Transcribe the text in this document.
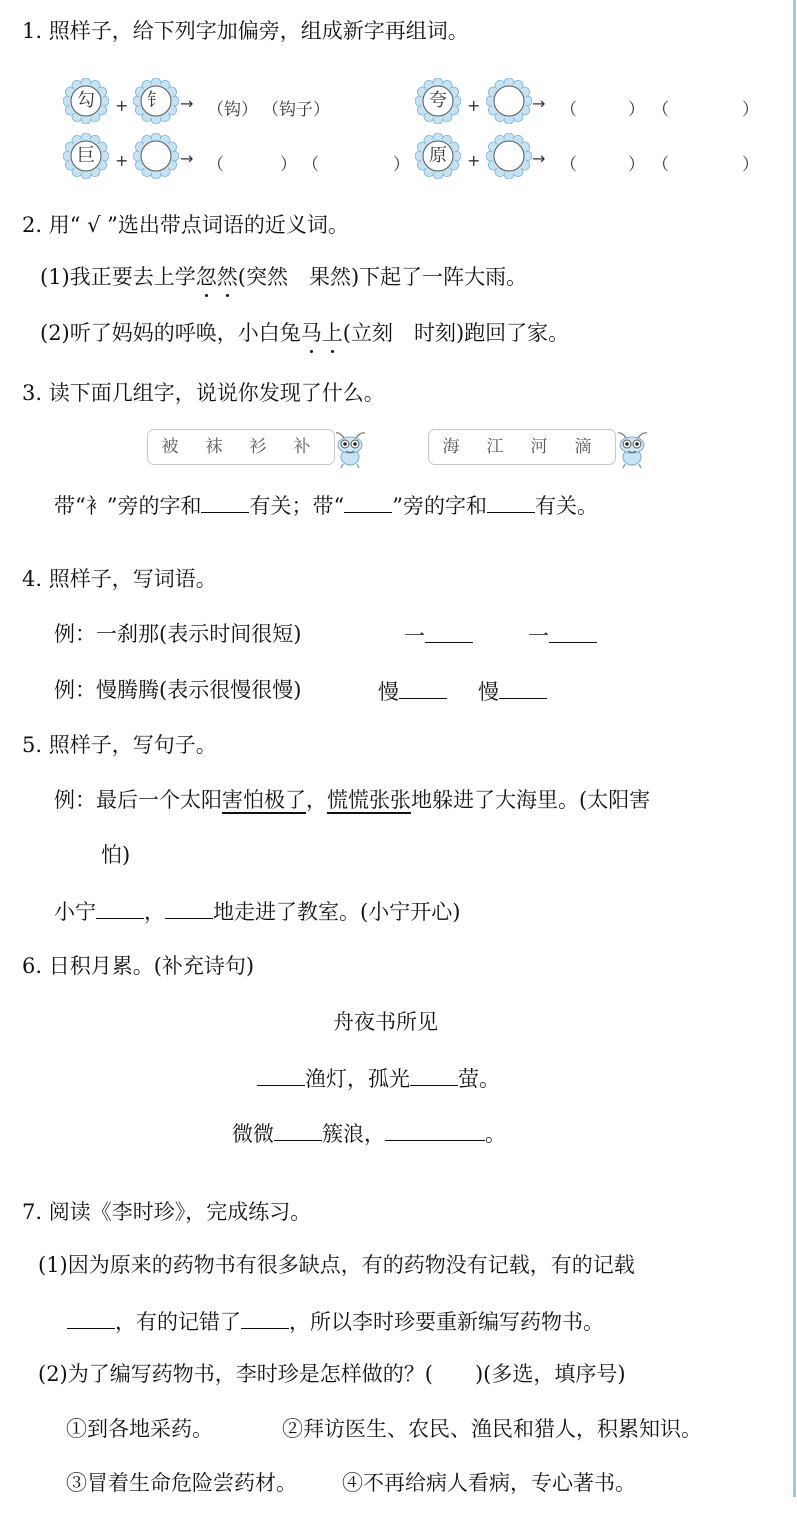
1. 照样子，给下列字加偏旁，组成新字再组词。
勾	+	钅 → （钩） （钩子）	夸	+	→ （	） （	）
巨	+	→ （	） （	）	原	+	→ （	） （	）
2. 用“ √ ”选出带点词语的近义词。
(1)我正要去上学忽然(突然　果然)下起了一阵大雨。
(2)听了妈妈的呼唤，小白兔马上(立刻　时刻)跑回了家。
3. 读下面几组字，说说你发现了什么。
被 袜 衫 补	海 江 河 滴
带“衤”旁的字和 有关；带“ ”旁的字和 有关。
4. 照样子，写词语。
例：一刹那(表示时间很短)	一	一
例：慢腾腾(表示很慢很慢)	慢	慢
5. 照样子，写句子。
例：最后一个太阳害怕极了，慌慌张张地躲进了大海里。(太阳害
怕)
小宁 ， 地走进了教室。(小宁开心)
6. 日积月累。(补充诗句)
舟夜书所见
渔灯，孤光 萤。
微微 簇浪，	。
7. 阅读《李时珍》，完成练习。
(1)因为原来的药物书有很多缺点，有的药物没有记载，有的记载
，有的记错了 ，所以李时珍要重新编写药物书。
(2)为了编写药物书，李时珍是怎样做的？(　　)(多选，填序号)
①到各地采药。	②拜访医生、农民、渔民和猎人，积累知识。
③冒着生命危险尝药材。 ④不再给病人看病，专心著书。
